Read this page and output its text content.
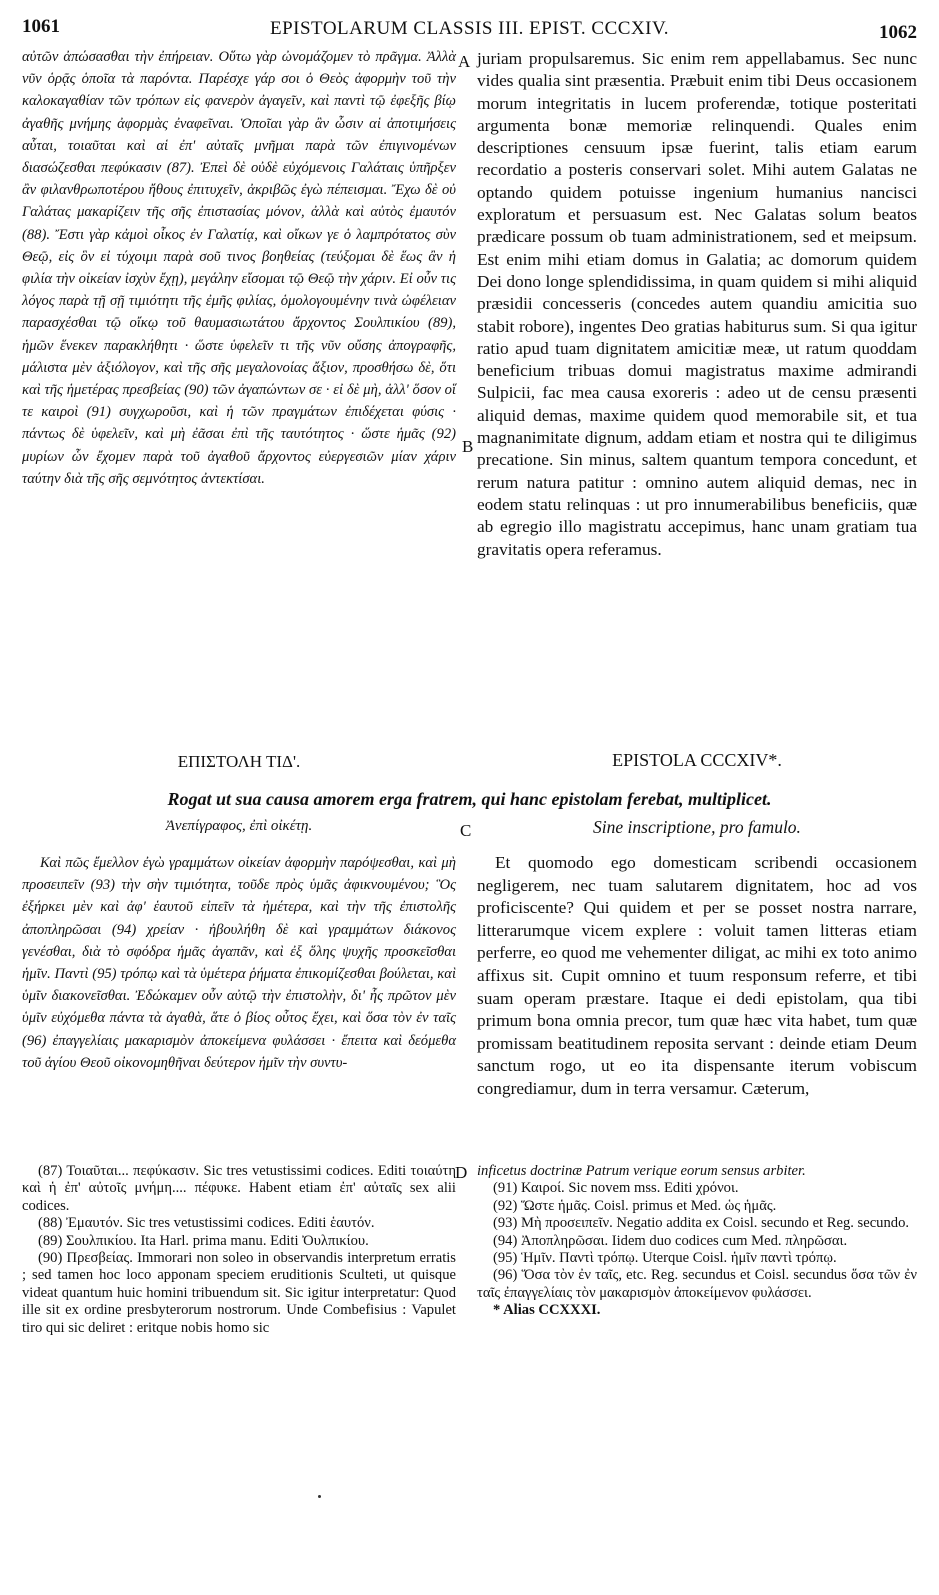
1061	EPISTOLARUM CLASSIS III. EPIST. CCCXIV.	1062
αὐτῶν ἀπώσασθαι τὴν ἐπήρειαν. Οὕτω γὰρ ὠνομάζομεν τὸ πρᾶγμα. Ἀλλὰ νῦν ὁρᾷς ὁποῖα τὰ παρόντα. Παρέσχε γάρ σοι ὁ Θεὸς ἀφορμὴν τοῦ τὴν καλοκαγαθίαν τῶν τρόπων εἰς φανερὸν ἀγαγεῖν, καὶ παντὶ τῷ ἐφεξῆς βίῳ ἀγαθῆς μνήμης ἀφορμὰς ἐναφεῖναι. Ὁποῖαι γὰρ ἂν ὦσιν αἱ ἀποτιμήσεις αὗται, τοιαῦται καὶ αἱ ἐπ' αὐταῖς μνῆμαι παρὰ τῶν ἐπιγινομένων διασώζεσθαι πεφύκασιν (87). Ἐπεὶ δὲ οὐδὲ εὐχόμενοις Γαλάταις ὑπῆρξεν ἂν φιλανθρωποτέρου ἤθους ἐπιτυχεῖν, ἀκριβῶς ἐγὼ πέπεισμαι. Ἔχω δὲ οὐ Γαλάτας μακαρίζειν τῆς σῆς ἐπιστασίας μόνον, ἀλλὰ καὶ αὐτὸς ἐμαυτόν (88). Ἔστι γὰρ κἀμοὶ οἶκος ἐν Γαλατίᾳ, καὶ οἴκων γε ὁ λαμπρότατος σὺν Θεῷ, εἰς ὃν εἰ τύχοιμι παρὰ σοῦ τινος βοηθείας (τεύξομαι δὲ ἕως ἂν ἡ φιλία τὴν οἰκείαν ἰσχὺν ἔχῃ), μεγάλην εἴσομαι τῷ Θεῷ τὴν χάριν. Εἰ οὖν τις λόγος παρὰ τῇ σῇ τιμιότητι τῆς ἐμῆς φιλίας, ὁμολογουμένην τινὰ ὠφέλειαν παρασχέσθαι τῷ οἴκῳ τοῦ θαυμασιωτάτου ἄρχοντος Σουλπικίου (89), ἡμῶν ἕνεκεν παρακλήθητι · ὥστε ὑφελεῖν τι τῆς νῦν οὔσης ἀπογραφῆς, μάλιστα μὲν ἀξιόλογον, καὶ τῆς σῆς μεγαλονοίας ἄξιον, προσθήσω δὲ, ὅτι καὶ τῆς ἡμετέρας πρεσβείας (90) τῶν ἀγαπώντων σε · εἰ δὲ μὴ, ἀλλ' ὅσον οἵ τε καιροὶ (91) συγχωροῦσι, καὶ ἡ τῶν πραγμάτων ἐπιδέχεται φύσις · πάντως δὲ ὑφελεῖν, καὶ μὴ ἐᾶσαι ἐπὶ τῆς ταυτότητος · ὥστε ἡμᾶς (92) μυρίων ὧν ἔχομεν παρὰ τοῦ ἀγαθοῦ ἄρχοντος εὐεργεσιῶν μίαν χάριν ταύτην διὰ τῆς σῆς σεμνότητος ἀντεκτίσαι.
juriam propulsaremus. Sic enim rem appellabamus. Sec nunc vides qualia sint præsentia. Præbuit enim tibi Deus occasionem morum integritatis in lucem proferendæ, totique posteritati argumenta bonæ memoriæ relinquendi. Quales enim descriptiones censuum ipsæ fuerint, talis etiam earum recordatio a posteris conservari solet. Mihi autem Galatas ne optando quidem potuisse ingenium humanius nancisci exploratum et persuasum est. Nec Galatas solum beatos prædicare possum ob tuam administrationem, sed et meipsum. Est enim mihi etiam domus in Galatia; ac domorum quidem Dei dono longe splendidissima, in quam quidem si mihi aliquid præsidii concesseris (concedes autem quandiu amicitia suo stabit robore), ingentes Deo gratias habiturus sum. Si qua igitur ratio apud tuam dignitatem amicitiæ meæ, ut ratum quoddam beneficium tribuas domui magistratus maxime admirandi Sulpicii, fac mea causa exoreris : adeo ut de censu præsenti aliquid demas, maxime quidem quod memorabile sit, et tua magnanimitate dignum, addam etiam et nostra qui te diligimus precatione. Sin minus, saltem quantum tempora concedunt, et rerum natura patitur : omnino autem aliquid demas, nec in eodem statu relinquas : ut pro innumerabilibus beneficiis, quæ ab egregio illo magistratu accepimus, hanc unam gratiam tua gravitatis opera referamus.
A
B
C
D
ΕΠΙΣΤΟΛΗ ΤΙΔ'.	EPISTOLA CCCXIV*.
Rogat ut sua causa amorem erga fratrem, qui hanc epistolam ferebat, multiplicet.
Ἀνεπίγραφος, ἐπὶ οἰκέτῃ.	Sine inscriptione, pro famulo.
Καὶ πῶς ἔμελλον ἐγὼ γραμμάτων οἰκείαν ἀφορμὴν παρόψεσθαι, καὶ μὴ προσειπεῖν (93) τὴν σὴν τιμιότητα, τοῦδε πρὸς ὑμᾶς ἀφικνουμένου; Ὃς ἐξήρκει μὲν καὶ ἀφ' ἑαυτοῦ εἰπεῖν τὰ ἡμέτερα, καὶ τὴν τῆς ἐπιστολῆς ἀποπληρῶσαι (94) χρείαν · ἠβουλήθη δὲ καὶ γραμμάτων διάκονος γενέσθαι, διὰ τὸ σφόδρα ἡμᾶς ἀγαπᾶν, καὶ ἐξ ὅλης ψυχῆς προσκεῖσθαι ἡμῖν. Παντὶ (95) τρόπῳ καὶ τὰ ὑμέτερα ῥήματα ἐπικομίζεσθαι βούλεται, καὶ ὑμῖν διακονεῖσθαι. Ἐδώκαμεν οὖν αὐτῷ τὴν ἐπιστολὴν, δι' ἧς πρῶτον μὲν ὑμῖν εὐχόμεθα πάντα τὰ ἀγαθὰ, ἅτε ὁ βίος οὗτος ἔχει, καὶ ὅσα τὸν ἐν ταῖς (96) ἐπαγγελίαις μακαρισμὸν ἀποκείμενα φυλάσσει · ἔπειτα καὶ δεόμεθα τοῦ ἁγίου Θεοῦ οἰκονομηθῆναι δεύτερον ἡμῖν τὴν συντυ-
Et quomodo ego domesticam scribendi occasionem negligerem, nec tuam salutarem dignitatem, hoc ad vos proficiscente? Qui quidem et per se posset nostra narrare, litterarumque vicem explere : voluit tamen litteras etiam perferre, eo quod me vehementer diligat, ac mihi ex toto animo affixus sit. Cupit omnino et tuum responsum referre, et tibi suam operam præstare. Itaque ei dedi epistolam, qua tibi primum bona omnia precor, tum quæ hæc vita habet, tum quæ promissam beatitudinem reposita servant : deinde etiam Deum sanctum rogo, ut eo ita dispensante iterum vobiscum congrediamur, dum in terra versamur. Cæterum,

(87) Τοιαῦται... πεφύκασιν. Sic tres vetustissimi codices. Editi τοιαύτη καὶ ἡ ἐπ' αὐτοῖς μνήμη.... πέφυκε. Habent etiam ἐπ' αὐταῖς sex alii codices.

(88) Ἐμαυτόν. Sic tres vetustissimi codices. Editi ἑαυτόν.

(89) Σουλπικίου. Ita Harl. prima manu. Editi Ὀυλπικίου.

(90) Πρεσβείας. Immorari non soleo in observandis interpretum erratis ; sed tamen hoc loco apponam speciem eruditionis Sculteti, ut quisque videat quantum huic homini tribuendum sit. Sic igitur interpretatur: Quod ille sit ex ordine presbyterorum nostrorum. Unde Combefisius : Vapulet tiro qui sic deliret : eritque nobis homo sic

inficetus doctrinæ Patrum verique eorum sensus arbiter.

(91) Καιροί. Sic novem mss. Editi χρόνοι.

(92) Ὥστε ἡμᾶς. Coisl. primus et Med. ὡς ἡμᾶς.

(93) Μὴ προσειπεῖν. Negatio addita ex Coisl. secundo et Reg. secundo.

(94) Ἀποπληρῶσαι. Iidem duo codices cum Med. πληρῶσαι.

(95) Ἡμῖν. Παντὶ τρόπῳ. Uterque Coisl. ἡμῖν παντὶ τρόπῳ.

(96) Ὅσα τὸν ἐν ταῖς, etc. Reg. secundus et Coisl. secundus ὅσα τῶν ἐν ταῖς ἐπαγγελίαις τὸν μακαρισμὸν ἀποκείμενον φυλάσσει.

* Alias CCXXXI.
